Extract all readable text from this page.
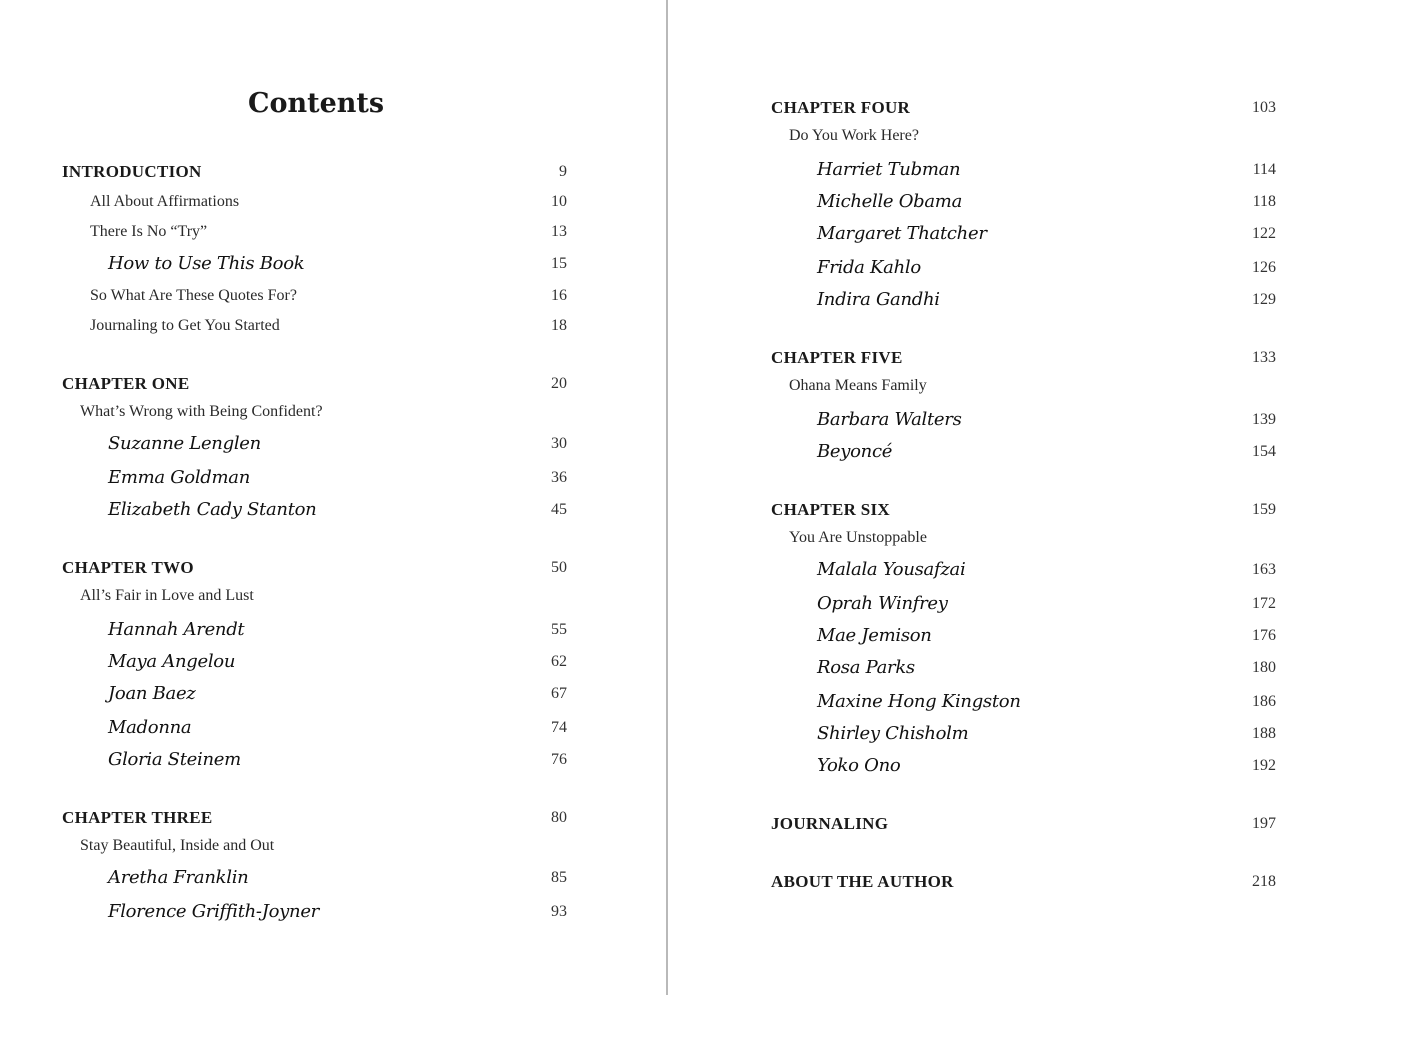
Contents
INTRODUCTION	9
All About Affirmations	10
There Is No “Try”	13
How to Use This Book	15
So What Are These Quotes For?	16
Journaling to Get You Started	18
CHAPTER ONE	20
What’s Wrong with Being Confident?
Suzanne Lenglen	30
Emma Goldman	36
Elizabeth Cady Stanton	45
CHAPTER TWO	50
All’s Fair in Love and Lust
Hannah Arendt	55
Maya Angelou	62
Joan Baez	67
Madonna	74
Gloria Steinem	76
CHAPTER THREE	80
Stay Beautiful, Inside and Out
Aretha Franklin	85
Florence Griffith-Joyner	93
CHAPTER FOUR	103
Do You Work Here?
Harriet Tubman	114
Michelle Obama	118
Margaret Thatcher	122
Frida Kahlo	126
Indira Gandhi	129
CHAPTER FIVE	133
Ohana Means Family
Barbara Walters	139
Beyoncé	154
CHAPTER SIX	159
You Are Unstoppable
Malala Yousafzai	163
Oprah Winfrey	172
Mae Jemison	176
Rosa Parks	180
Maxine Hong Kingston	186
Shirley Chisholm	188
Yoko Ono	192
JOURNALING	197
ABOUT THE AUTHOR	218
